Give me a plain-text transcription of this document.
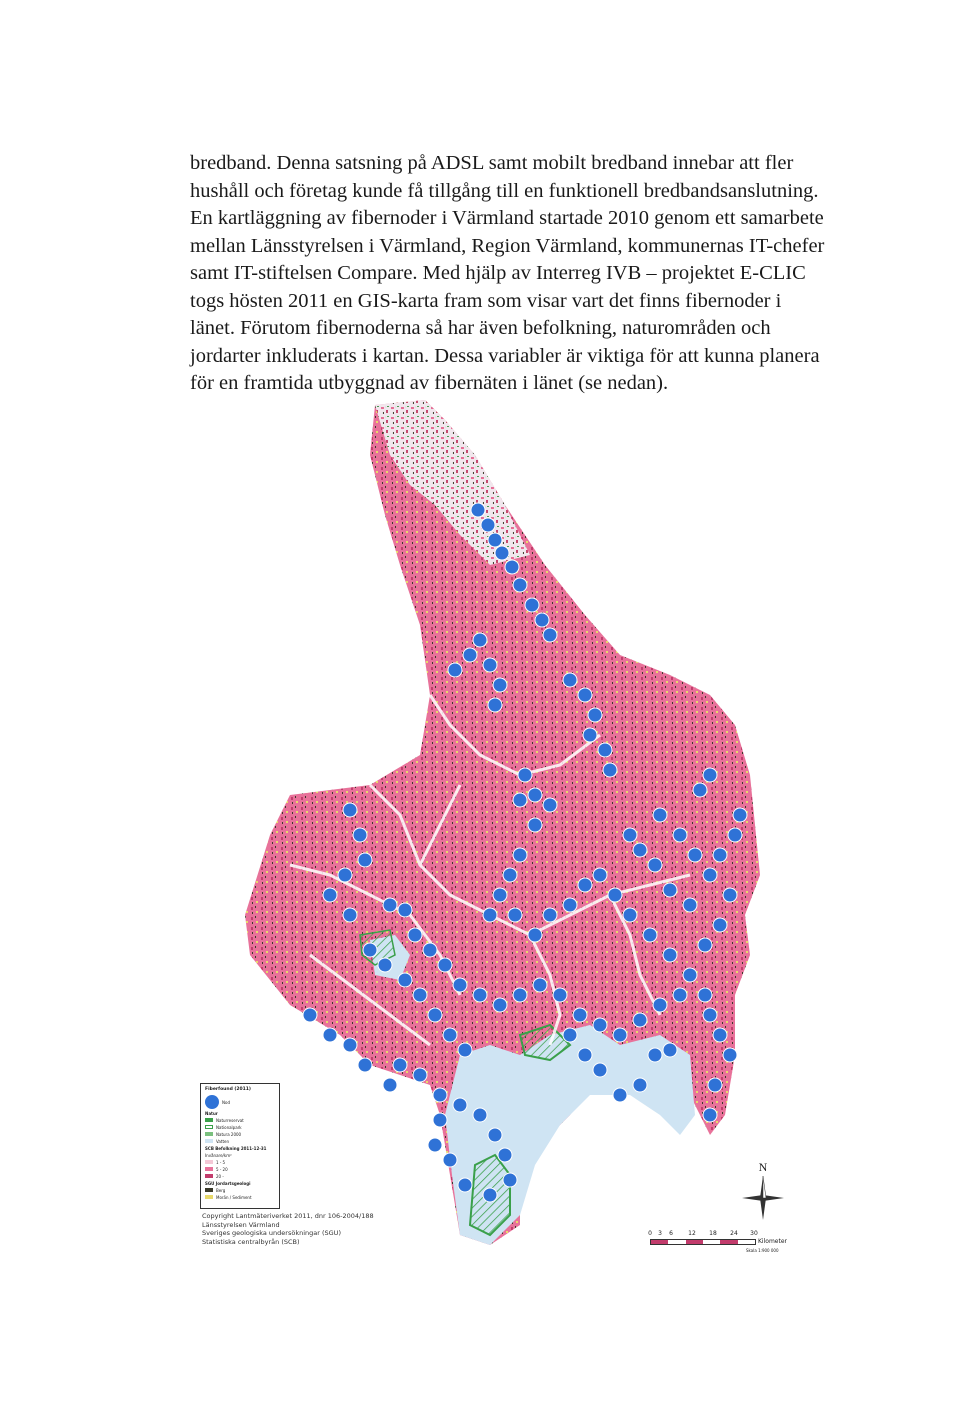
bredband. Denna satsning på ADSL samt mobilt bredband innebar att fler hushåll och företag kunde få tillgång till en funktionell bredbandsanslutning.

En kartläggning av fibernoder i Värmland startade 2010 genom ett samarbete mellan Länsstyrelsen i Värmland, Region Värmland, kommunernas IT-chefer samt IT-stiftelsen Compare. Med hjälp av Interreg IVB – projektet E-CLIC togs hösten 2011 en GIS-karta fram som visar vart det finns fibernoder i länet. Förutom fibernoderna så har även befolkning, naturområden och jordarter inkluderats i kartan. Dessa variabler är viktiga för att kunna planera för en framtida utbyggnad av fibernäten i länet (se nedan).

Fiberfound (2011)
Nod
Natur
Naturreservat
Nationalpark
Natura 2000
Vatten
SCB Befolkning 2011-12-31
Invånare/km²
1 - 5
5 - 20
20 -
SGU Jordartsgeologi
Berg
Morän / Sediment
Copyright Lantmäteriverket 2011, dnr 106-2004/188
Länsstyrelsen Värmland
Sveriges geologiska undersökningar (SGU)
Statistiska centralbyrån (SCB)
N
0 3 6	12 18 24 30
Kilometer
Skala 1:900 000
